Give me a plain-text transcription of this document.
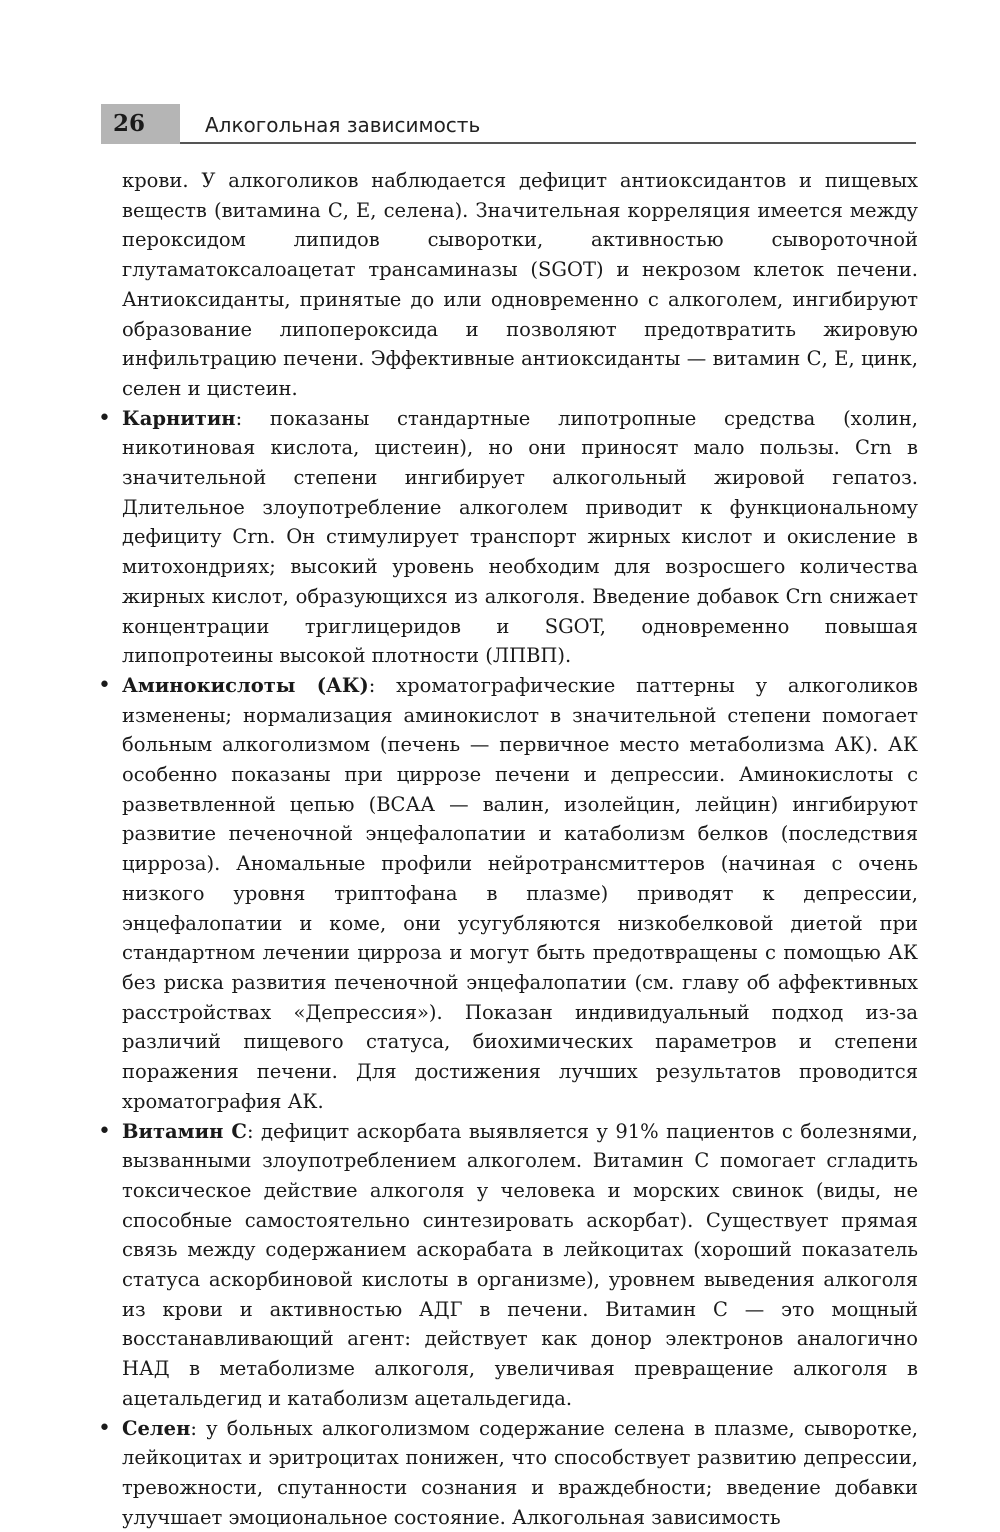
26	Алкогольная зависимость

крови. У алкоголиков наблюдается дефицит антиоксидантов и пищевых веществ (витамина С, Е, селена). Значительная корреляция имеется между пероксидом липидов сыворотки, активностью сывороточной глутаматоксалоацетат трансаминазы (SGOT) и некрозом клеток печени. Антиоксиданты, принятые до или одновременно с алкоголем, ингибируют образование липопероксида и позволяют предотвратить жировую инфильтрацию печени. Эффективные антиоксиданты — витамин С, Е, цинк, селен и цистеин.

• Карнитин: показаны стандартные липотропные средства (холин, никотиновая кислота, цистеин), но они приносят мало пользы. Crn в значительной степени ингибирует алкогольный жировой гепатоз. Длительное злоупотребление алкоголем приводит к функциональному дефициту Crn. Он стимулирует транспорт жирных кислот и окисление в митохондриях; высокий уровень необходим для возросшего количества жирных кислот, образующихся из алкоголя. Введение добавок Crn снижает концентрации триглицеридов и SGOT, одновременно повышая липопротеины высокой плотности (ЛПВП).
• Аминокислоты (АК): хроматографические паттерны у алкоголиков изменены; нормализация аминокислот в значительной степени помогает больным алкоголизмом (печень — первичное место метаболизма АК). АК особенно показаны при циррозе печени и депрессии. Аминокислоты с разветвленной цепью (ВСАА — валин, изолейцин, лейцин) ингибируют развитие печеночной энцефалопатии и катаболизм белков (последствия цирроза). Аномальные профили нейротрансмиттеров (начиная с очень низкого уровня триптофана в плазме) приводят к депрессии, энцефалопатии и коме, они усугубляются низкобелковой диетой при стандартном лечении цирроза и могут быть предотвращены с помощью АК без риска развития печеночной энцефалопатии (см. главу об аффективных расстройствах «Депрессия»). Показан индивидуальный подход из-за различий пищевого статуса, биохимических параметров и степени поражения печени. Для достижения лучших результатов проводится хроматография АК.
• Витамин С: дефицит аскорбата выявляется у 91% пациентов с болезнями, вызванными злоупотреблением алкоголем. Витамин С помогает сгладить токсическое действие алкоголя у человека и морских свинок (виды, не способные самостоятельно синтезировать аскорбат). Существует прямая связь между содержанием аскорабата в лейкоцитах (хороший показатель статуса аскорбиновой кислоты в организме), уровнем выведения алкоголя из крови и активностью АДГ в печени. Витамин С — это мощный восстанавливающий агент: действует как донор электронов аналогично НАД в метаболизме алкоголя, увеличивая превращение алкоголя в ацетальдегид и катаболизм ацетальдегида.
• Селен: у больных алкоголизмом содержание селена в плазме, сыворотке, лейкоцитах и эритроцитах понижен, что способствует развитию депрессии, тревожности, спутанности сознания и враждебности; введение добавки улучшает эмоциональное состояние. Алкогольная зависимость
